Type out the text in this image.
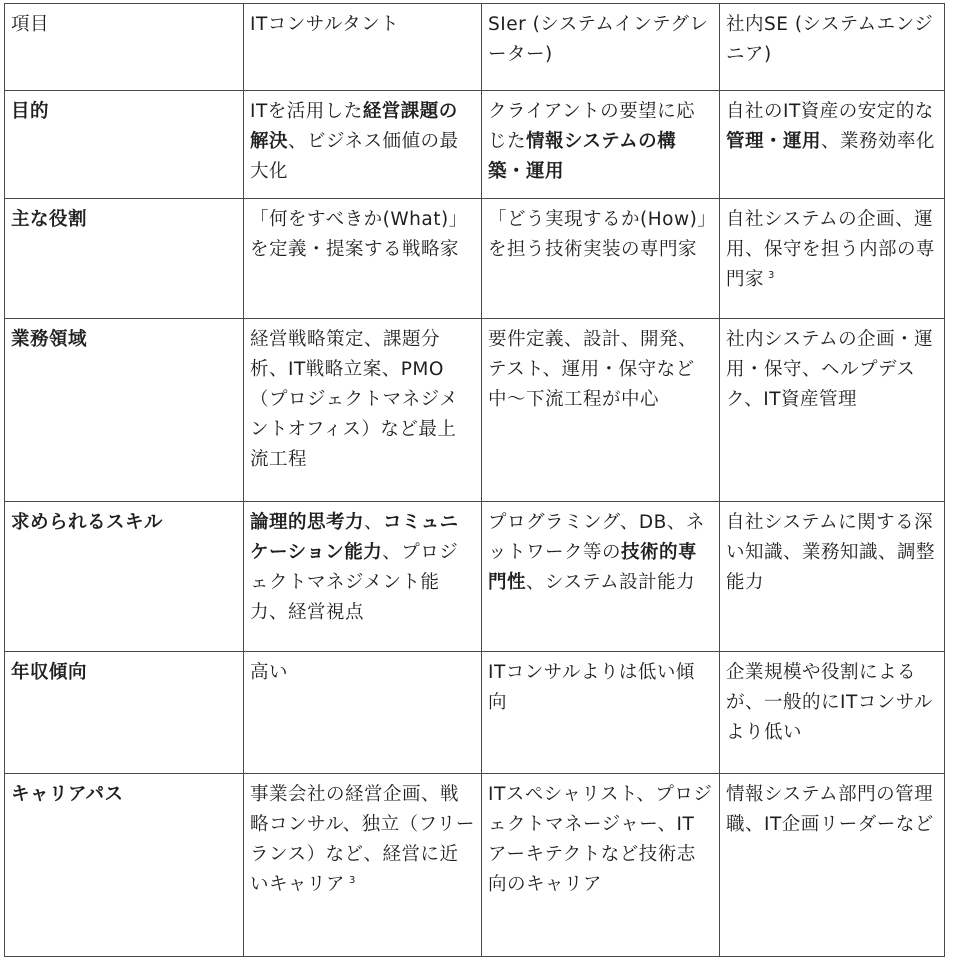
項目	ITコンサルタント	SIer (システムインテグレーター)	社内SE (システムエンジニア)
目的	ITを活用した経営課題の解決、ビジネス価値の最大化	クライアントの要望に応じた情報システムの構築・運用	自社のIT資産の安定的な管理・運用、業務効率化
主な役割	「何をすべきか(What)」を定義・提案する戦略家	「どう実現するか(How)」を担う技術実装の専門家	自社システムの企画、運用、保守を担う内部の専門家 $^3$
業務領域	経営戦略策定、課題分析、IT戦略立案、PMO（プロジェクトマネジメントオフィス）など最上流工程	要件定義、設計、開発、テスト、運用・保守など中〜下流工程が中心	社内システムの企画・運用・保守、ヘルプデスク、IT資産管理
求められるスキル	論理的思考力、コミュニケーション能力、プロジェクトマネジメント能力、経営視点	プログラミング、DB、ネットワーク等の技術的専門性、システム設計能力	自社システムに関する深い知識、業務知識、調整能力
年収傾向	高い	ITコンサルよりは低い傾向	企業規模や役割によるが、一般的にITコンサルより低い
キャリアパス	事業会社の経営企画、戦略コンサル、独立（フリーランス）など、経営に近いキャリア $^3$	ITスペシャリスト、プロジェクトマネージャー、ITアーキテクトなど技術志向のキャリア	情報システム部門の管理職、IT企画リーダーなど
